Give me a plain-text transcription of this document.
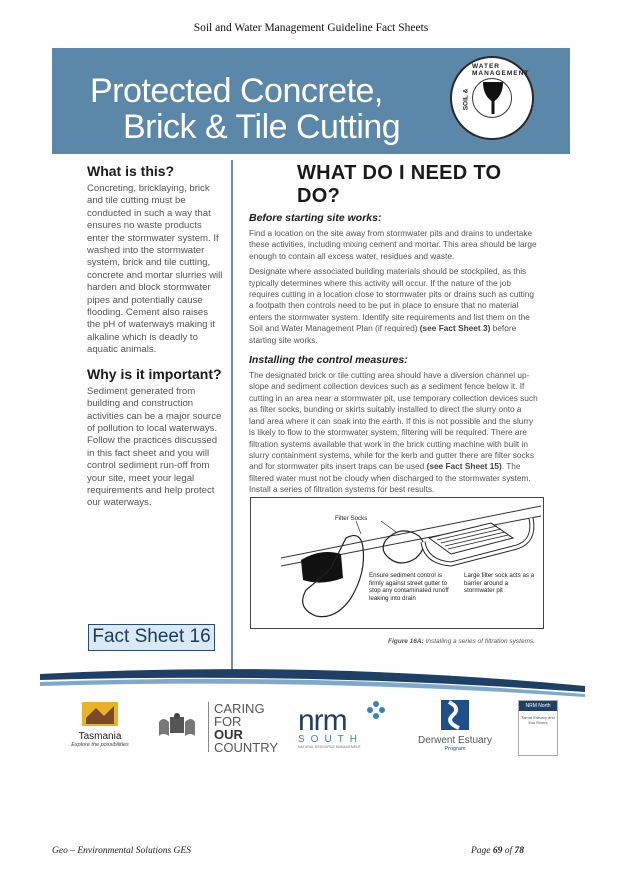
Soil and Water Management Guideline Fact Sheets
Protected Concrete,
Brick & Tile Cutting
WATER MANAGEMENT
SOIL &
What is this?

Concreting, bricklaying, brick and tile cutting must be conducted in such a way that ensures no waste products enter the stormwater system. If washed into the stormwater system, brick and tile cutting, concrete and mortar slurries will harden and block stormwater pipes and potentially cause flooding. Cement also raises the pH of waterways making it alkaline which is deadly to aquatic animals.

Why is it important?

Sediment generated from building and construction activities can be a major source of pollution to local waterways. Follow the practices discussed in this fact sheet and you will control sediment run-off from your site, meet your legal requirements and help protect our waterways.

WHAT DO I NEED TO DO?
Before starting site works:

Find a location on the site away from stormwater pits and drains to undertake these activities, including mixing cement and mortar. This area should be large enough to contain all excess water, residues and waste.

Designate where associated building materials should be stockpiled, as this typically determines where this activity will occur. If the nature of the job requires cutting in a location close to stormwater pits or drains such as cutting a footpath then controls need to be put in place to ensure that no material enters the stormwater system. Identify site requirements and list them on the Soil and Water Management Plan (if required) (see Fact Sheet 3) before starting site works.

Installing the control measures:

The designated brick or tile cutting area should have a diversion channel up-slope and sediment collection devices such as a sediment fence below it. If cutting in an area near a stormwater pit, use temporary collection devices such as filter socks, bunding or skirts suitably installed to direct the slurry onto a land area where it can soak into the earth. If this is not possible and the slurry is likely to flow to the stormwater system, filtering will be required. There are filtration systems available that work in the brick cutting machine with built in slurry containment systems, while for the kerb and gutter there are filter socks and for stormwater pits insert traps can be used (see Fact Sheet 15). The filtered water must not be cloudy when discharged to the stormwater system. Install a series of filtration systems for best results.

Filter Socks
Ensure sediment control is firmly against street gutter to stop any contaminated runoff leaking into drain
Large filter sock acts as a barrier around a stormwater pit
Figure 16A: Installing a series of filtration systems.
Fact Sheet 16
Tasmania
Explore the possibilities
CARING
FOR
OUR
COUNTRY
nrm
SOUTH
NATURAL RESOURCE MANAGEMENT
Derwent Estuary
Program
NRM North
Tamar Estuary and Esk Rivers
Geo – Environmental Solutions GES	Page 69 of 78
